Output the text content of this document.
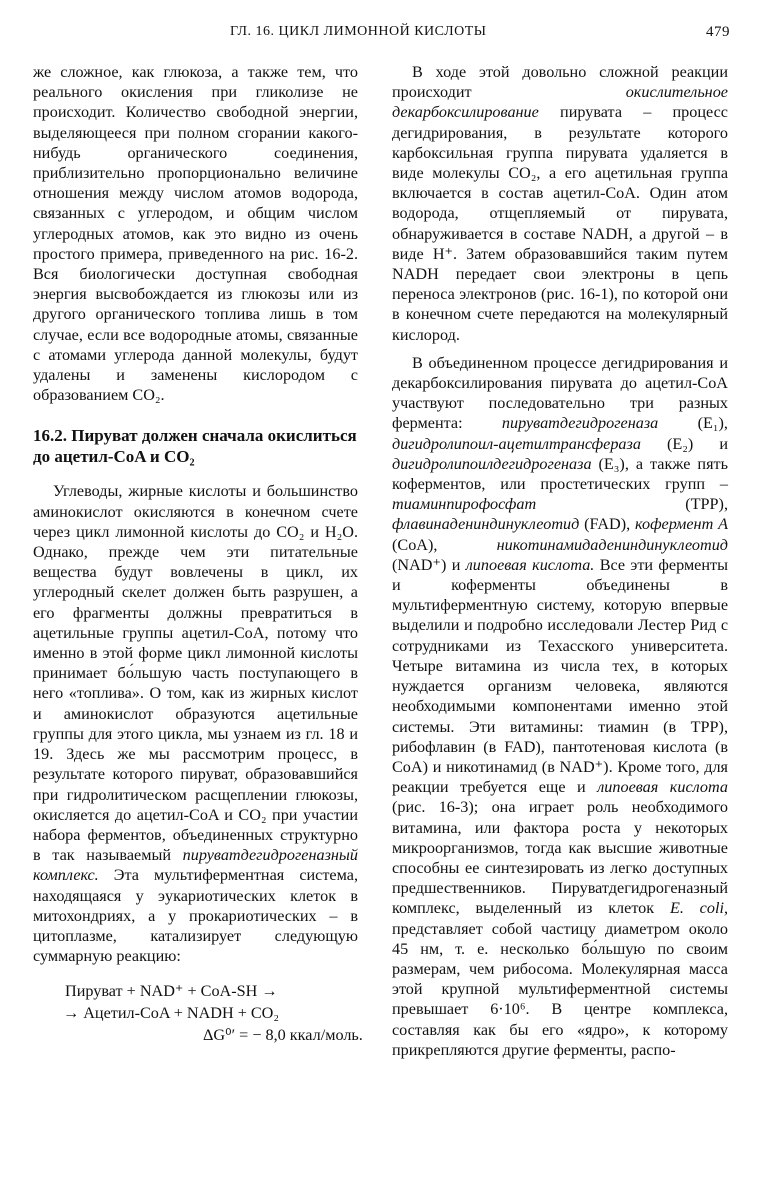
ГЛ. 16. ЦИКЛ ЛИМОННОЙ КИСЛОТЫ	479

же сложное, как глюкоза, а также тем, что реального окисления при гликолизе не происходит. Количество свободной энергии, выделяющееся при полном сгорании какого-нибудь органического соединения, приблизительно пропорционально величине отношения между числом атомов водорода, связанных с углеродом, и общим числом углеродных атомов, как это видно из очень простого примера, приведенного на рис. 16-2. Вся биологически доступная свободная энергия высвобождается из глюкозы или из другого органического топлива лишь в том случае, если все водородные атомы, связанные с атомами углерода данной молекулы, будут удалены и заменены кислородом с образованием CO₂.

16.2. Пируват должен сначала окислиться до ацетил-CoA и CO₂

Углеводы, жирные кислоты и большинство аминокислот окисляются в конечном счете через цикл лимонной кислоты до CO₂ и H₂O. Однако, прежде чем эти питательные вещества будут вовлечены в цикл, их углеродный скелет должен быть разрушен, а его фрагменты должны превратиться в ацетильные группы ацетил-CoA, потому что именно в этой форме цикл лимонной кислоты принимает бо́льшую часть поступающего в него «топлива». О том, как из жирных кислот и аминокислот образуются ацетильные группы для этого цикла, мы узнаем из гл. 18 и 19. Здесь же мы рассмотрим процесс, в результате которого пируват, образовавшийся при гидролитическом расщеплении глюкозы, окисляется до ацетил-CoA и CO₂ при участии набора ферментов, объединенных структурно в так называемый пируватдегидрогеназный комплекс. Эта мультиферментная система, находящаяся у эукариотических клеток в митохондриях, а у прокариотических – в цитоплазме, катализирует следующую суммарную реакцию:

Пируват + NAD⁺ + CoA-SH →
→ Ацетил-CoA + NADH + CO₂
ΔG⁰′ = − 8,0 ккал/моль.

В ходе этой довольно сложной реакции происходит окислительное декарбоксилирование пирувата – процесс дегидрирования, в результате которого карбоксильная группа пирувата удаляется в виде молекулы CO₂, а его ацетильная группа включается в состав ацетил-CoA. Один атом водорода, отщепляемый от пирувата, обнаруживается в составе NADH, а другой – в виде H⁺. Затем образовавшийся таким путем NADH передает свои электроны в цепь переноса электронов (рис. 16-1), по которой они в конечном счете передаются на молекулярный кислород.

В объединенном процессе дегидрирования и декарбоксилирования пирувата до ацетил-CoA участвуют последовательно три разных фермента: пируватдегидрогеназа (E₁), дигидролипоил-ацетилтрансфераза (E₂) и дигидролипоилдегидрогеназа (E₃), а также пять коферментов, или простетических групп – тиаминпирофосфат (TPP), флавинадениндинуклеотид (FAD), кофермент А (CoA), никотинамидадениндинуклеотид (NAD⁺) и липоевая кислота. Все эти ферменты и коферменты объединены в мультиферментную систему, которую впервые выделили и подробно исследовали Лестер Рид с сотрудниками из Техасского университета. Четыре витамина из числа тех, в которых нуждается организм человека, являются необходимыми компонентами именно этой системы. Эти витамины: тиамин (в TPP), рибофлавин (в FAD), пантотеновая кислота (в CoA) и никотинамид (в NAD⁺). Кроме того, для реакции требуется еще и липоевая кислота (рис. 16-3); она играет роль необходимого витамина, или фактора роста у некоторых микроорганизмов, тогда как высшие животные способны ее синтезировать из легко доступных предшественников. Пируватдегидрогеназный комплекс, выделенный из клеток E. coli, представляет собой частицу диаметром около 45 нм, т. е. несколько бо́льшую по своим размерам, чем рибосома. Молекулярная масса этой крупной мультиферментной системы превышает 6·10⁶. В центре комплекса, составляя как бы его «ядро», к которому прикрепляются другие ферменты, распо-
